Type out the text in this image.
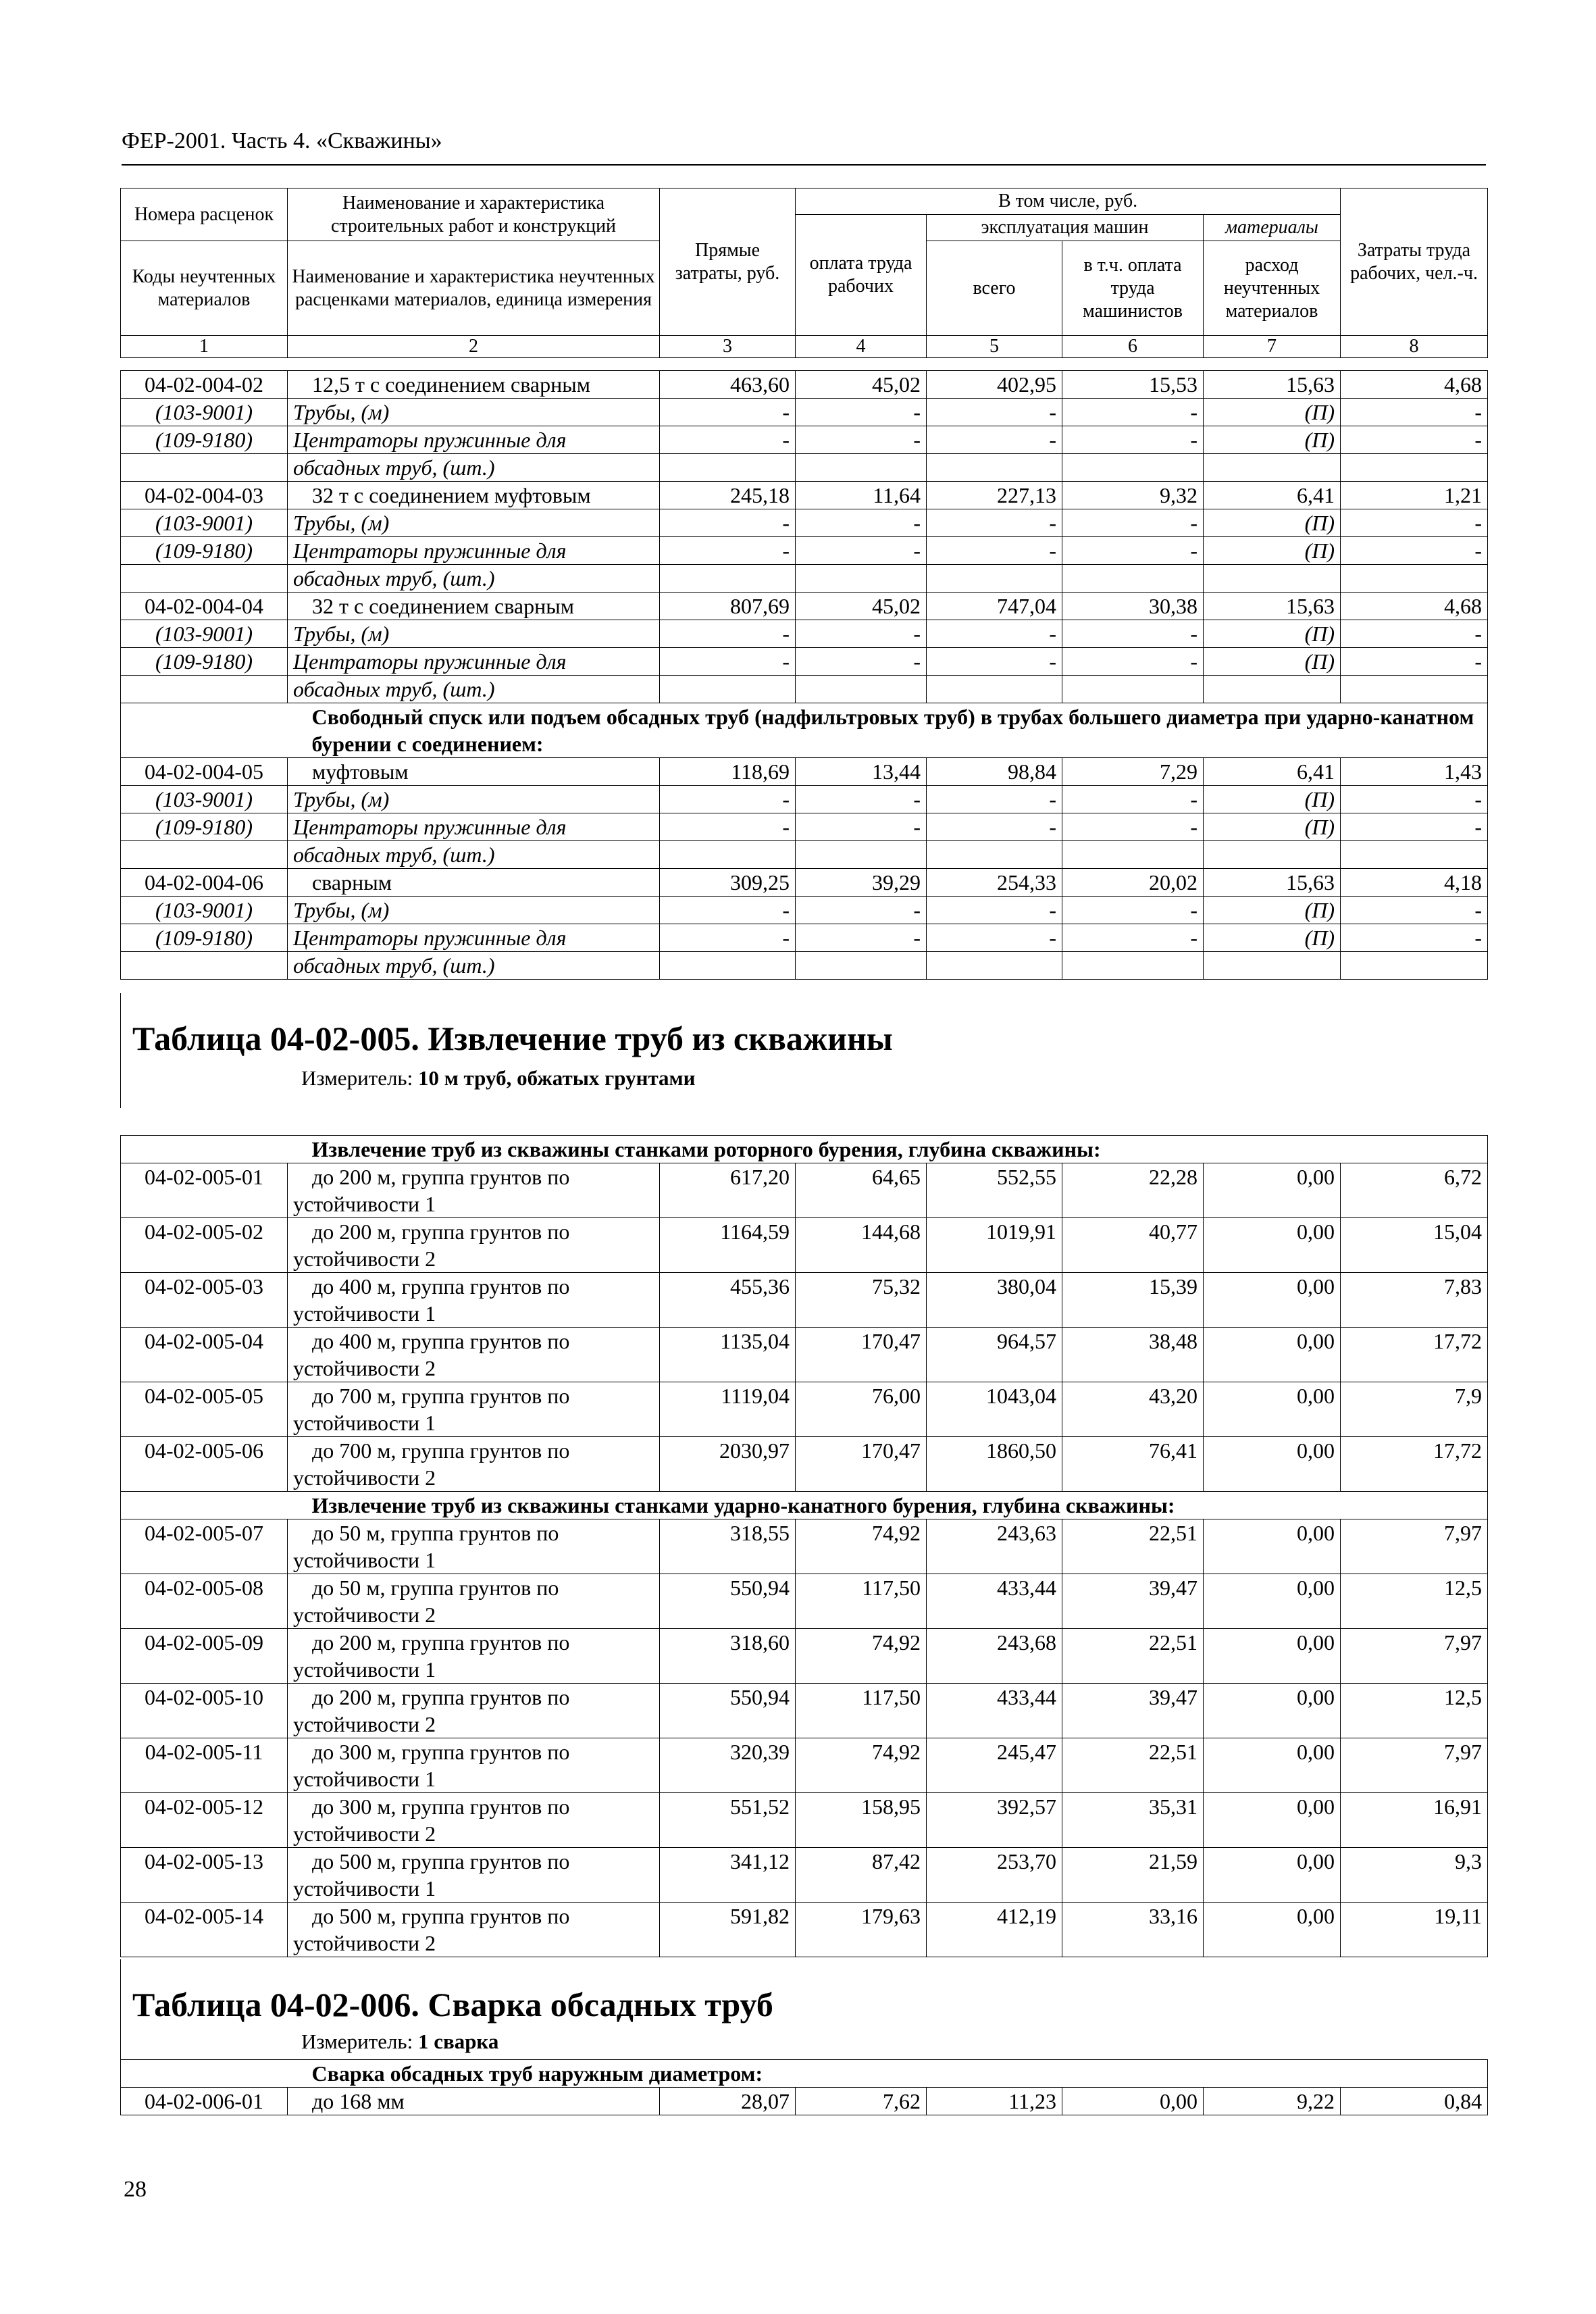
ФЕР-2001. Часть 4. «Скважины»
Номера расценок	Наименование и характеристика строительных работ и конструкций	Прямые затраты, руб.	В том числе, руб.				Затраты труда рабочих, чел.-ч.
			оплата труда рабочих	эксплуатация машин		материалы	
Коды неучтенных материалов	Наименование и характеристика неучтенных расценками материалов, единица измерения			всего	в т.ч. оплата труда машинистов	расход неучтенных материалов	

1	2	3	4	5	6	7	8
04-02-004-02	12,5 т с соединением сварным	463,60	45,02	402,95	15,53	15,63	4,68
(103-9001)	Трубы, (м)	-	-	-	-	(П)	-
(109-9180)	Центраторы пружинные для	-	-	-	-	(П)	-
	обсадных труб, (шт.)						
04-02-004-03	32 т с соединением муфтовым	245,18	11,64	227,13	9,32	6,41	1,21
(103-9001)	Трубы, (м)	-	-	-	-	(П)	-
(109-9180)	Центраторы пружинные для	-	-	-	-	(П)	-
	обсадных труб, (шт.)						
04-02-004-04	32 т с соединением сварным	807,69	45,02	747,04	30,38	15,63	4,68
(103-9001)	Трубы, (м)	-	-	-	-	(П)	-
(109-9180)	Центраторы пружинные для	-	-	-	-	(П)	-
	обсадных труб, (шт.)						
	Свободный спуск или подъем обсадных труб (надфильтровых труб) в трубах большего диаметра при ударно-канатном бурении с соединением:						
04-02-004-05	муфтовым	118,69	13,44	98,84	7,29	6,41	1,43
(103-9001)	Трубы, (м)	-	-	-	-	(П)	-
(109-9180)	Центраторы пружинные для	-	-	-	-	(П)	-
	обсадных труб, (шт.)						
04-02-004-06	сварным	309,25	39,29	254,33	20,02	15,63	4,18
(103-9001)	Трубы, (м)	-	-	-	-	(П)	-
(109-9180)	Центраторы пружинные для	-	-	-	-	(П)	-
	обсадных труб, (шт.)						
Таблица 04-02-005. Извлечение труб из скважины
Измеритель: 10 м труб, обжатых грунтами
	Извлечение труб из скважины станками роторного бурения, глубина скважины:						
04-02-005-01	до 200 м, группа грунтов по
устойчивости 1	617,20	64,65	552,55	22,28	0,00	6,72
04-02-005-02	до 200 м, группа грунтов по
устойчивости 2	1164,59	144,68	1019,91	40,77	0,00	15,04
04-02-005-03	до 400 м, группа грунтов по
устойчивости 1	455,36	75,32	380,04	15,39	0,00	7,83
04-02-005-04	до 400 м, группа грунтов по
устойчивости 2	1135,04	170,47	964,57	38,48	0,00	17,72
04-02-005-05	до 700 м, группа грунтов по
устойчивости 1	1119,04	76,00	1043,04	43,20	0,00	7,9
04-02-005-06	до 700 м, группа грунтов по
устойчивости 2	2030,97	170,47	1860,50	76,41	0,00	17,72
	Извлечение труб из скважины станками ударно-канатного бурения, глубина скважины:						
04-02-005-07	до 50 м, группа грунтов по
устойчивости 1	318,55	74,92	243,63	22,51	0,00	7,97
04-02-005-08	до 50 м, группа грунтов по
устойчивости 2	550,94	117,50	433,44	39,47	0,00	12,5
04-02-005-09	до 200 м, группа грунтов по
устойчивости 1	318,60	74,92	243,68	22,51	0,00	7,97
04-02-005-10	до 200 м, группа грунтов по
устойчивости 2	550,94	117,50	433,44	39,47	0,00	12,5
04-02-005-11	до 300 м, группа грунтов по
устойчивости 1	320,39	74,92	245,47	22,51	0,00	7,97
04-02-005-12	до 300 м, группа грунтов по
устойчивости 2	551,52	158,95	392,57	35,31	0,00	16,91
04-02-005-13	до 500 м, группа грунтов по
устойчивости 1	341,12	87,42	253,70	21,59	0,00	9,3
04-02-005-14	до 500 м, группа грунтов по
устойчивости 2	591,82	179,63	412,19	33,16	0,00	19,11
Таблица 04-02-006. Сварка обсадных труб
Измеритель: 1 сварка
	Сварка обсадных труб наружным диаметром:						
04-02-006-01	до 168 мм	28,07	7,62	11,23	0,00	9,22	0,84
28
